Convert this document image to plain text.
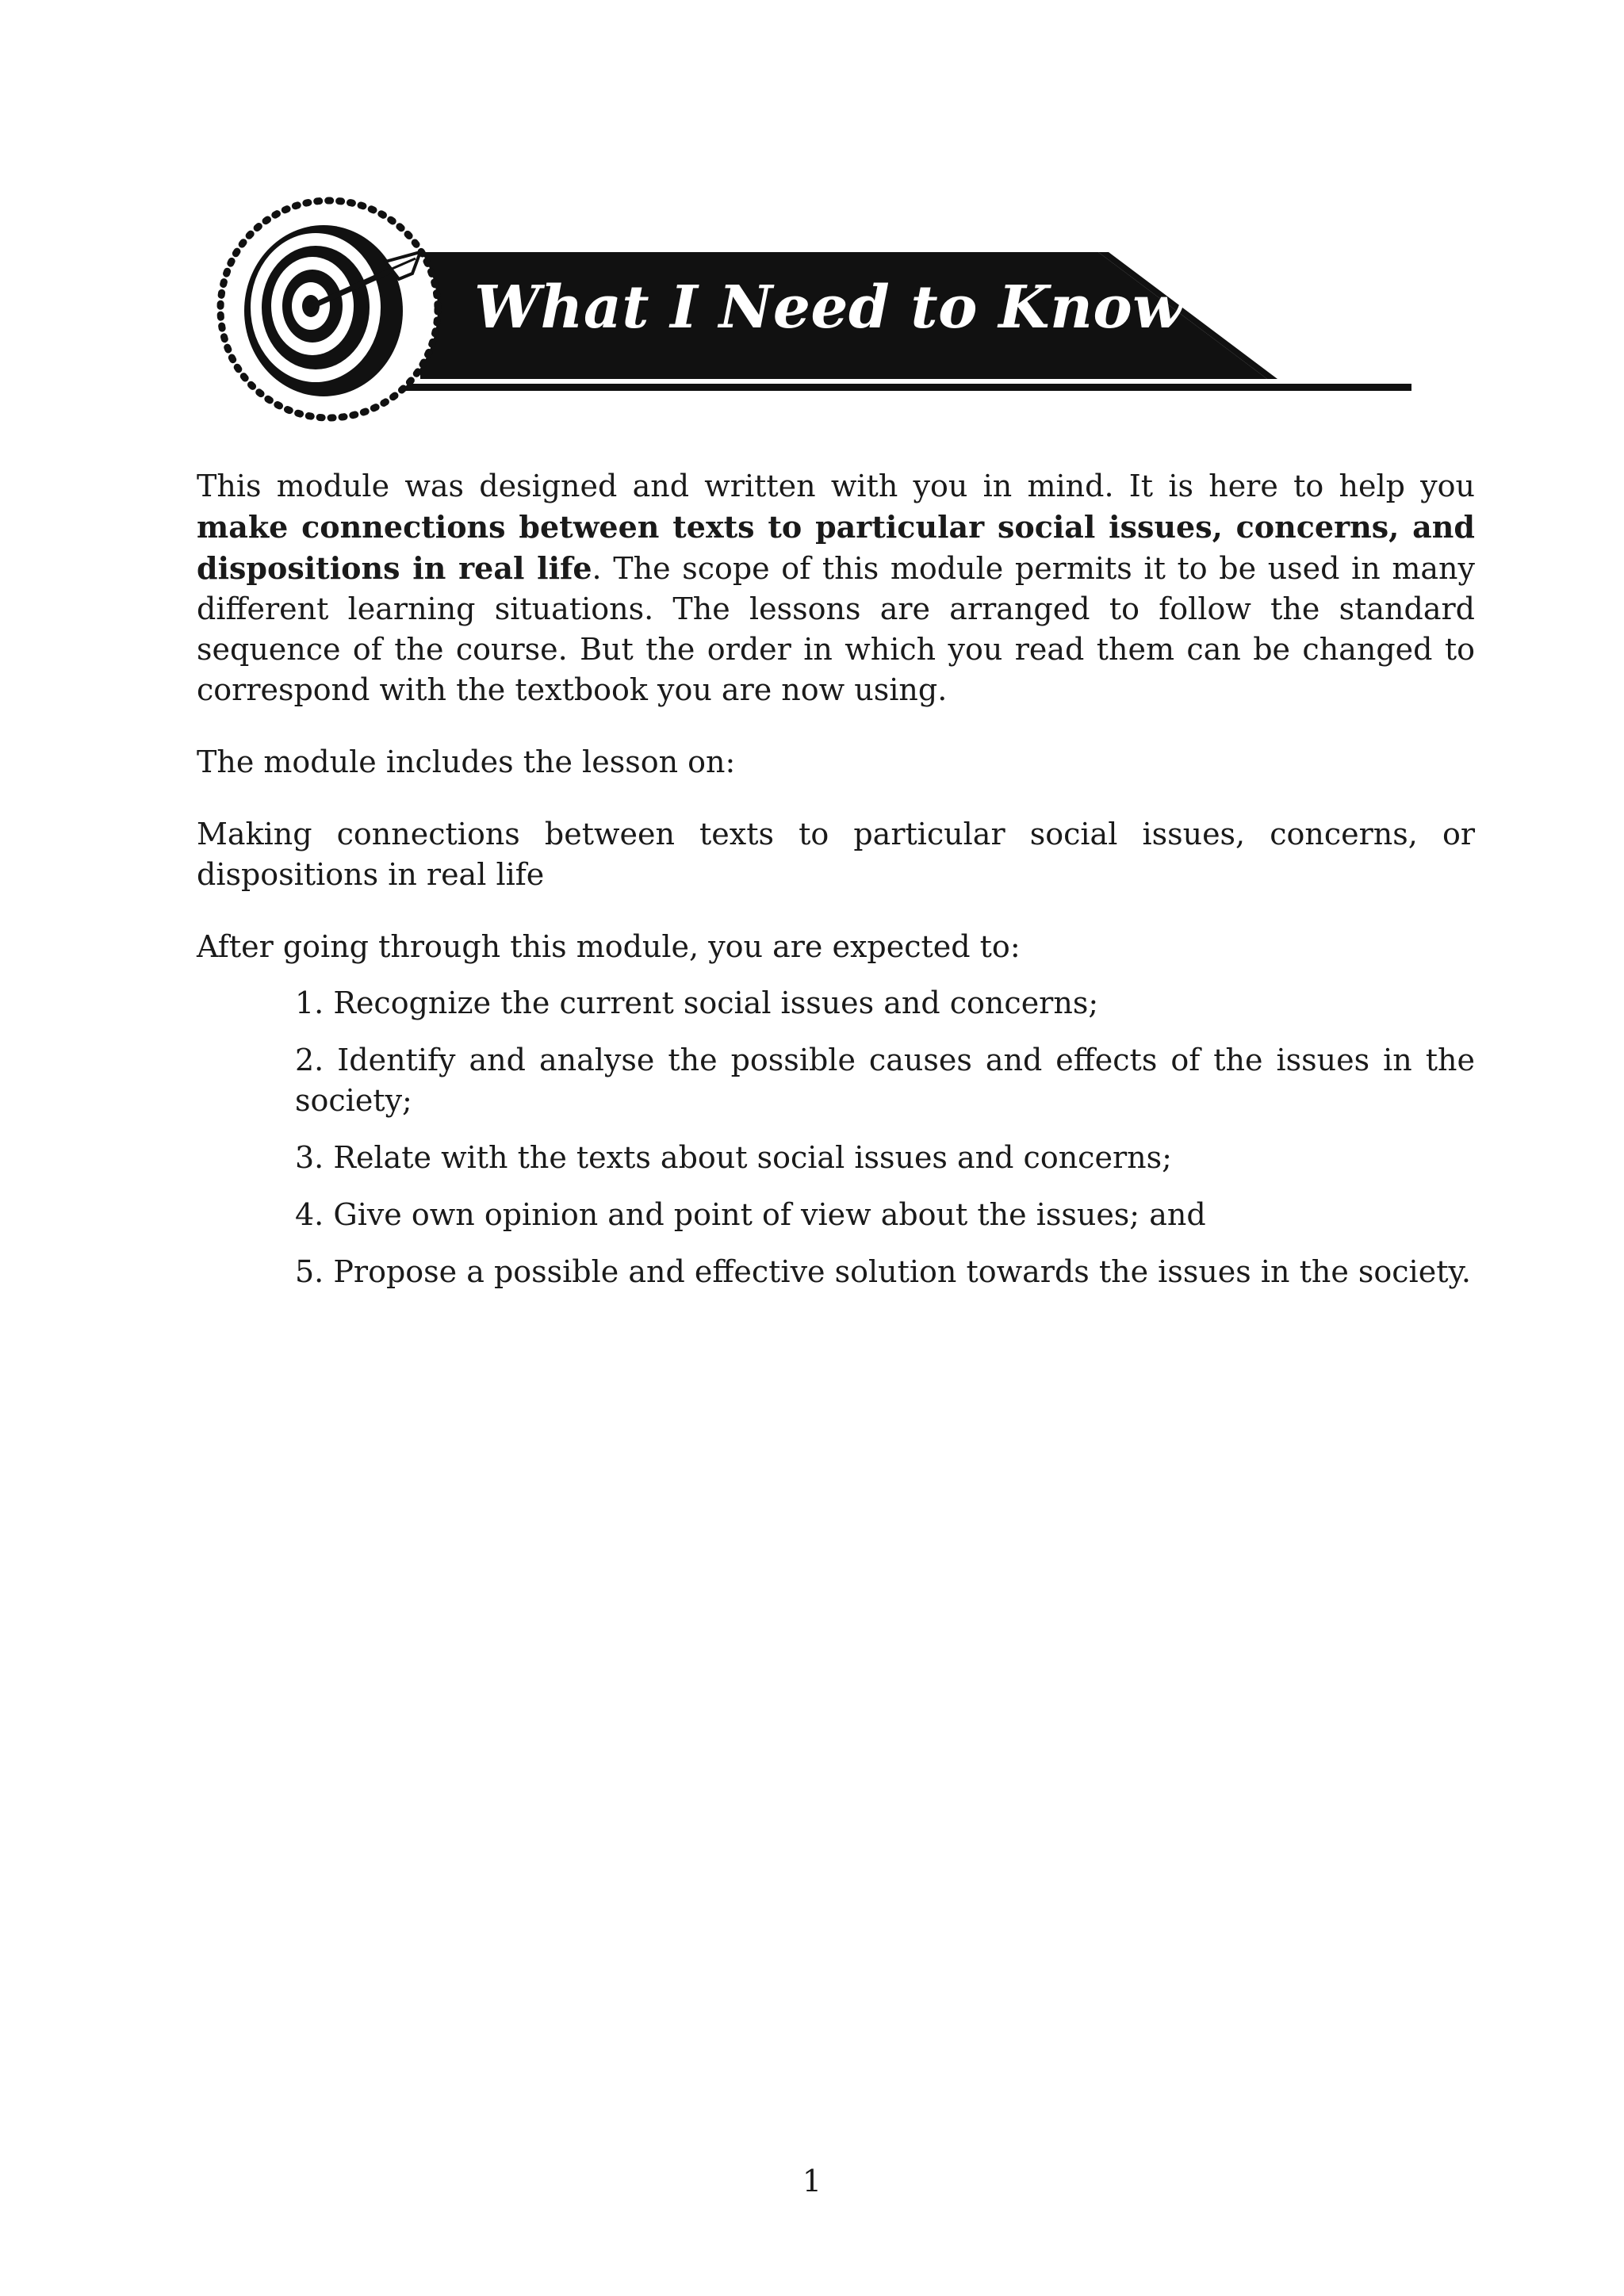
What I Need to Know

This module was designed and written with you in mind. It is here to help you make connections between texts to particular social issues, concerns, and dispositions in real life. The scope of this module permits it to be used in many different learning situations. The lessons are arranged to follow the standard sequence of the course. But the order in which you read them can be changed to correspond with the textbook you are now using.

The module includes the lesson on:

Making connections between texts to particular social issues, concerns, or dispositions in real life

After going through this module, you are expected to:

1. Recognize the current social issues and concerns;
2. Identify and analyse the possible causes and effects of the issues in the society;
3. Relate with the texts about social issues and concerns;
4. Give own opinion and point of view about the issues; and
5. Propose a possible and effective solution towards the issues in the society.
1
